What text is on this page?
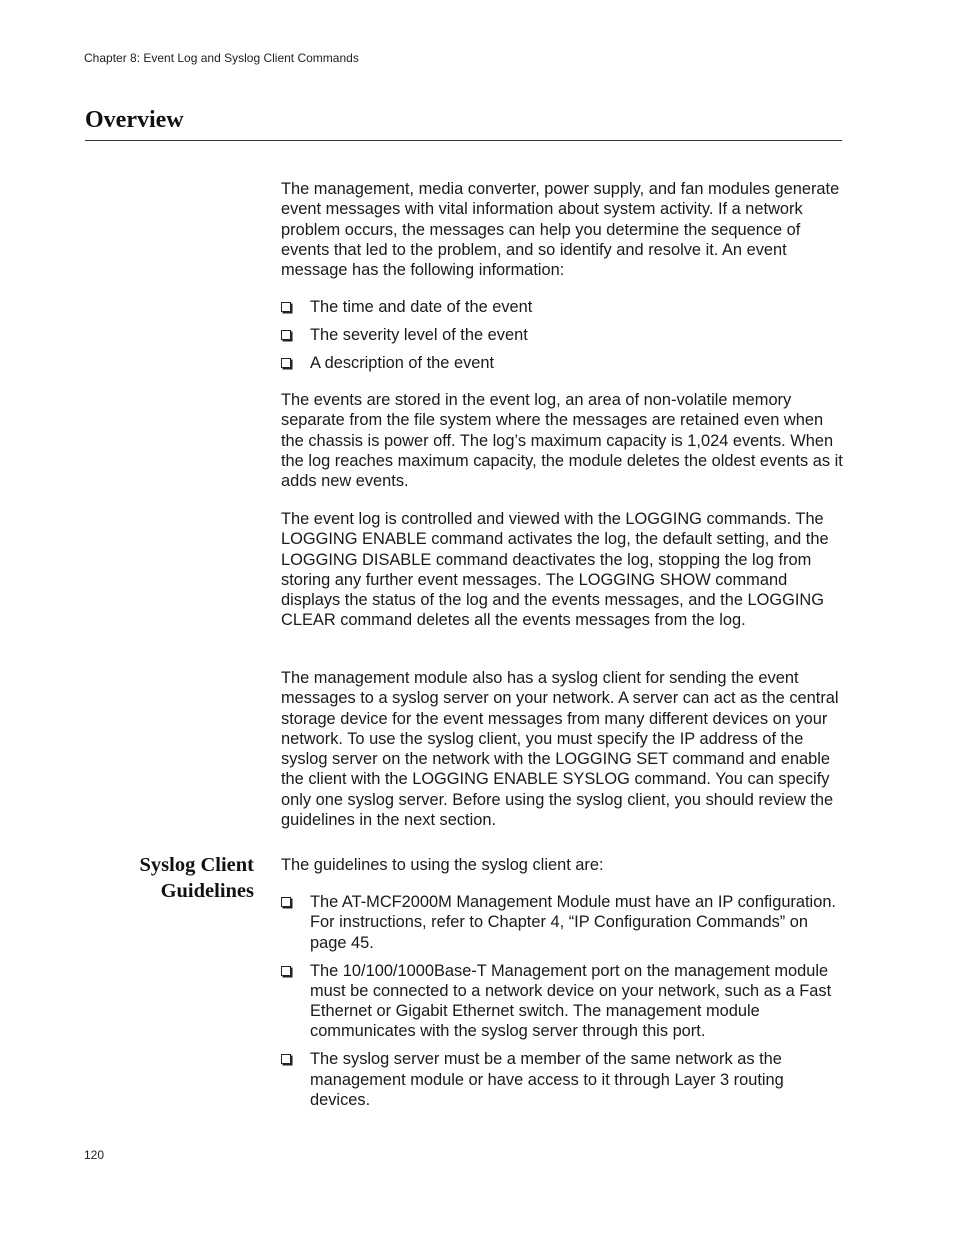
Chapter 8: Event Log and Syslog Client Commands
Overview

The management, media converter, power supply, and fan modules generate event messages with vital information about system activity. If a network problem occurs, the messages can help you determine the sequence of events that led to the problem, and so identify and resolve it. An event message has the following information:

The time and date of the event
The severity level of the event
A description of the event

The events are stored in the event log, an area of non-volatile memory separate from the file system where the messages are retained even when the chassis is power off. The log’s maximum capacity is 1,024 events. When the log reaches maximum capacity, the module deletes the oldest events as it adds new events.

The event log is controlled and viewed with the LOGGING commands. The LOGGING ENABLE command activates the log, the default setting, and the LOGGING DISABLE command deactivates the log, stopping the log from storing any further event messages. The LOGGING SHOW command displays the status of the log and the events messages, and the LOGGING CLEAR command deletes all the events messages from the log.

The management module also has a syslog client for sending the event messages to a syslog server on your network. A server can act as the central storage device for the event messages from many different devices on your network. To use the syslog client, you must specify the IP address of the syslog server on the network with the LOGGING SET command and enable the client with the LOGGING ENABLE SYSLOG command. You can specify only one syslog server. Before using the syslog client, you should review the guidelines in the next section.

Syslog Client
Guidelines

The guidelines to using the syslog client are:

The AT-MCF2000M Management Module must have an IP configuration. For instructions, refer to Chapter 4, “IP Configuration Commands” on page 45.
The 10/100/1000Base-T Management port on the management module must be connected to a network device on your network, such as a Fast Ethernet or Gigabit Ethernet switch. The management module communicates with the syslog server through this port.
The syslog server must be a member of the same network as the management module or have access to it through Layer 3 routing devices.
120
